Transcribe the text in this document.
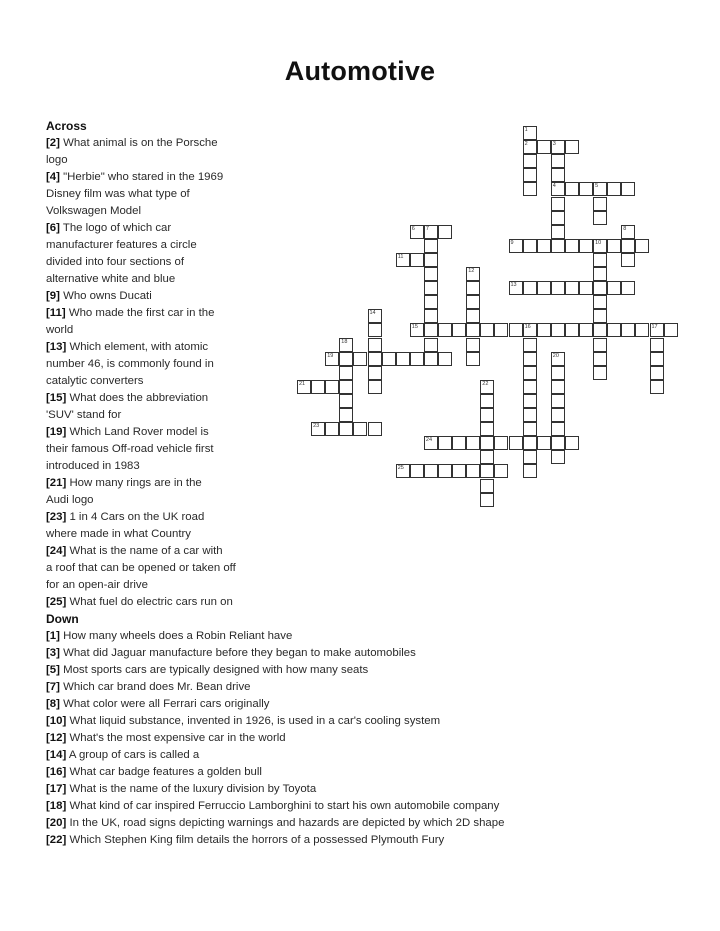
Automotive
Across
[2] What animal is on the Porsche
logo
[4] "Herbie" who stared in the 1969
Disney film was what type of
Volkswagen Model
[6] The logo of which car
manufacturer features a circle
divided into four sections of
alternative white and blue
[9] Who owns Ducati
[11] Who made the first car in the
world
[13] Which element, with atomic
number 46, is commonly found in
catalytic converters
[15] What does the abbreviation
'SUV' stand for
[19] Which Land Rover model is
their famous Off-road vehicle first
introduced in 1983
[21] How many rings are in the
Audi logo
[23] 1 in 4 Cars on the UK road
where made in what Country
[24] What is the name of a car with
a roof that can be opened or taken off for an open-air drive
[25] What fuel do electric cars run on
Down
[1] How many wheels does a Robin Reliant have
[3] What did Jaguar manufacture before they began to make automobiles
[5] Most sports cars are typically designed with how many seats
[7] Which car brand does Mr. Bean drive
[8] What color were all Ferrari cars originally
[10] What liquid substance, invented in 1926, is used in a car's cooling system
[12] What's the most expensive car in the world
[14] A group of cars is called a
[16] What car badge features a golden bull
[17] What is the name of the luxury division by Toyota
[18] What kind of car inspired Ferruccio Lamborghini to start his own automobile company
[20] In the UK, road signs depicting warnings and hazards are depicted by which 2D shape
[22] Which Stephen King film details the horrors of a possessed Plymouth Fury
1
2	3
4	5
6 7	8
9	10
11
12
13
14
15	16	17
18
19	20
21	22
23
24
25
